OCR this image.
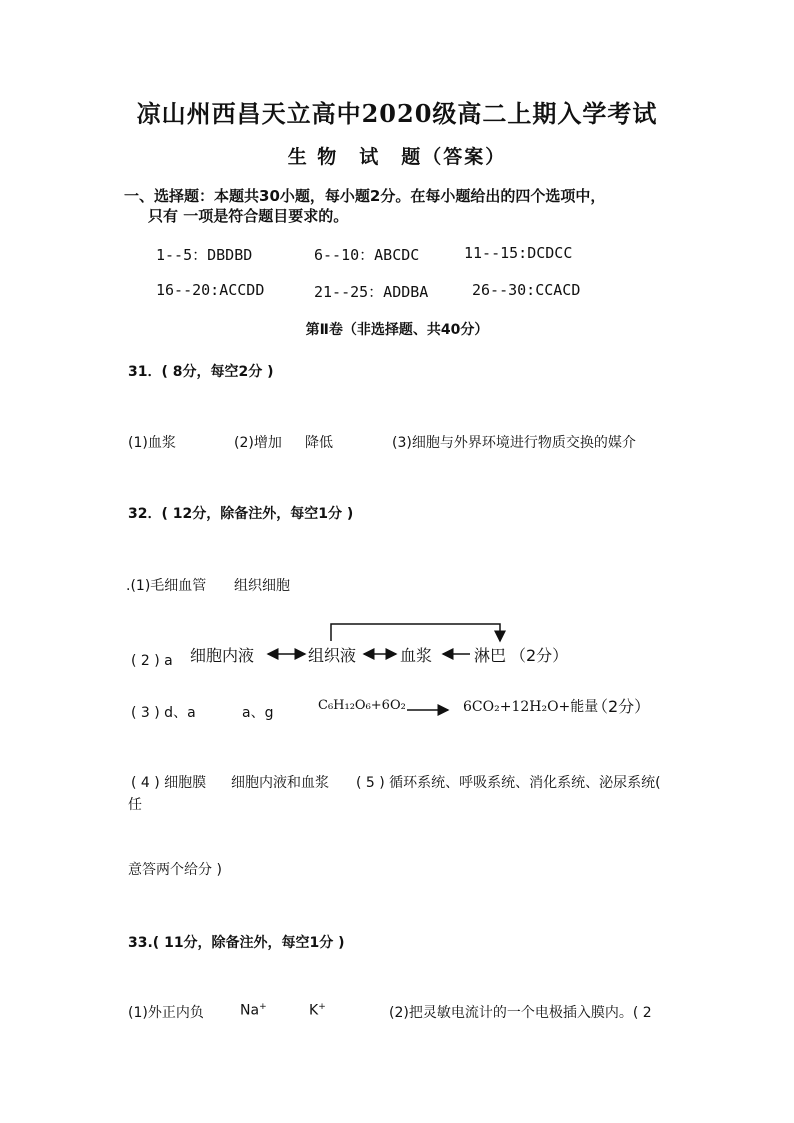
凉山州西昌天立高中2020级高二上期入学考试
生 物　试　题（答案）
一、选择题：本题共30小题，每小题2分。在每小题给出的四个选项中，
只有 一项是符合题目要求的。
1--5：DBDBD	6--10：ABCDC	11--15:DCDCC
16--20:ACCDD	21--25：ADDBA	26--30:CCACD
第Ⅱ卷（非选择题、共40分）
31．( 8分，每空2分 )
(1)血浆	(2)增加 降低	(3)细胞与外界环境进行物质交换的媒介
32．( 12分，除备注外，每空1分 )
.(1)毛细血管 组织细胞
( 2 ) a 细胞内液	组织液	血浆	淋巴 （2分）
( 3 ) d、a	a、g	C₆H₁₂O₆+6O₂	6CO₂+12H₂O+能量
（2分）
( 4 ) 细胞膜 细胞内液和血浆 ( 5 ) 循环系统、呼吸系统、消化系统、泌尿系统(
任
意答两个给分 )
33.( 11分，除备注外，每空1分 )
(1)外正内负	Na+	K+	(2)把灵敏电流计的一个电极插入膜内。( 2
